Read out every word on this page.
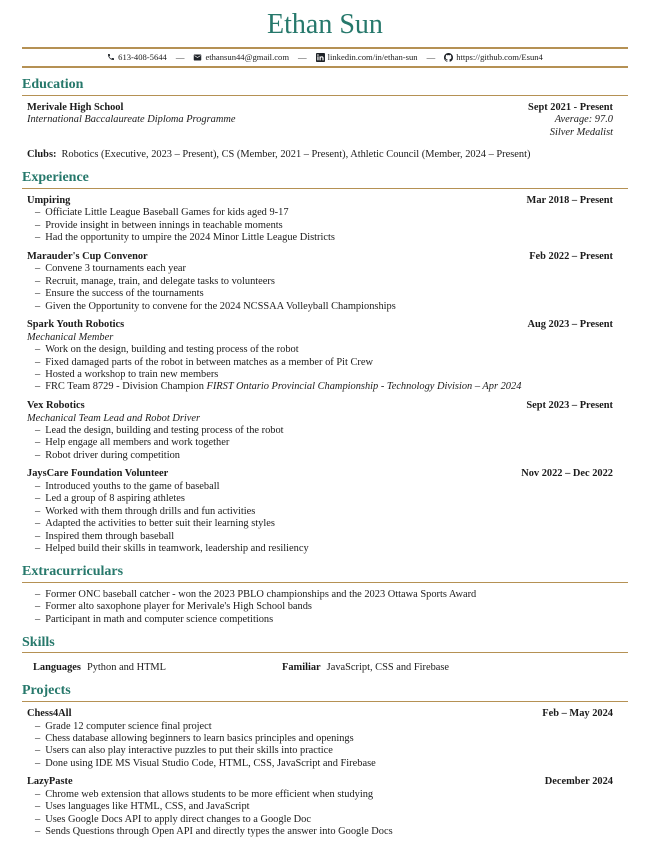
Ethan Sun
613-408-5644 — ethansun44@gmail.com — linkedin.com/in/ethan-sun — https://github.com/Esun4
Education
Merivale High School	Sept 2021 - Present
International Baccalaureate Diploma Programme	Average: 97.0
Silver Medalist
Clubs: Robotics (Executive, 2023 – Present), CS (Member, 2021 – Present), Athletic Council (Member, 2024 – Present)
Experience
Umpiring	Mar 2018 – Present
– Officiate Little League Baseball Games for kids aged 9-17
– Provide insight in between innings in teachable moments
– Had the opportunity to umpire the 2024 Minor Little League Districts
Marauder's Cup Convenor	Feb 2022 – Present
– Convene 3 tournaments each year
– Recruit, manage, train, and delegate tasks to volunteers
– Ensure the success of the tournaments
– Given the Opportunity to convene for the 2024 NCSSAA Volleyball Championships
Spark Youth Robotics	Aug 2023 – Present
Mechanical Member
– Work on the design, building and testing process of the robot
– Fixed damaged parts of the robot in between matches as a member of Pit Crew
– Hosted a workshop to train new members
– FRC Team 8729 - Division Champion FIRST Ontario Provincial Championship - Technology Division – Apr 2024
Vex Robotics	Sept 2023 – Present
Mechanical Team Lead and Robot Driver
– Lead the design, building and testing process of the robot
– Help engage all members and work together
– Robot driver during competition
JaysCare Foundation Volunteer	Nov 2022 – Dec 2022
– Introduced youths to the game of baseball
– Led a group of 8 aspiring athletes
– Worked with them through drills and fun activities
– Adapted the activities to better suit their learning styles
– Inspired them through baseball
– Helped build their skills in teamwork, leadership and resiliency
Extracurriculars
– Former ONC baseball catcher - won the 2023 PBLO championships and the 2023 Ottawa Sports Award
– Former alto saxophone player for Merivale's High School bands
– Participant in math and computer science competitions
Skills
Languages Python and HTML	Familiar JavaScript, CSS and Firebase
Projects
Chess4All	Feb – May 2024
– Grade 12 computer science final project
– Chess database allowing beginners to learn basics principles and openings
– Users can also play interactive puzzles to put their skills into practice
– Done using IDE MS Visual Studio Code, HTML, CSS, JavaScript and Firebase
LazyPaste	December 2024
– Chrome web extension that allows students to be more efficient when studying
– Uses languages like HTML, CSS, and JavaScript
– Uses Google Docs API to apply direct changes to a Google Doc
– Sends Questions through Open API and directly types the answer into Google Docs
